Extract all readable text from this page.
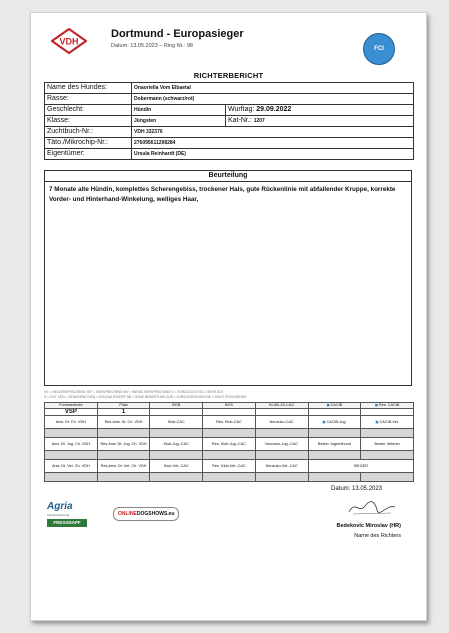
VDH
Dortmund - Europasieger
Datum: 13.05.2023 – Ring Nr.: 98	FCI
RICHTERBERICHT
Name des Hundes:	Onaoriella Vom Elbaetal	
Rasse:	Dobermann (schwarz/rot)	
Geschlecht:	Hündin	Wurftag: 29.09.2022
Klasse:	Jüngsten	Kat-Nr.: 1207
Zuchtbuch-Nr.:	VDH 332376	
Täto./Mikrochip-Nr.:	276095611298284	
Eigentümer:	Ursula Reinhardt (DE)	
Beurteilung
7 Monate alte Hündin, komplettes Scherengebiss, trockener Hals, gute Rückenlinie mit abfallender Kruppe, korrekte Vorder- und Hinterhand-Winkelung, welliges Haar,
VV = VIELVERSPRECHEND VSP = VERSPRECHEND WV = WENIG VERSPRECHEND V = VORZÜGLICH SG = SEHR GUT
G = GUT GEN = GENÜGEND DISQ = DISQUALIFIZIERT NB = OHNE BEWERTUNG ZUR = ZURÜCKGEZOGEN NE = NICHT ERSCHIENEN
Formwertnote	Platz	BOB	BOS	KLUB-JG-CAC	◼ CACIB	◼ Res. CACIB
VSP	1					
Anw. Dt. Ch. VDH	Res.Anw. Dt. Ch. VDH	Klub-CAC	Res. Klub-CAC	Neuzuko-CAC	◼ CACIB-Jug.	◼ CACIB-Vet.

Anw. Dt. Jug. Ch. VDH	Res.Anw. Dt. Jug. Ch. VDH	Klub-Jug.-CAC	Res. Klub-Jug.-CAC	Neuzuko-Jug.-CAC	Bester Jugendhund	Bester Veteran

Anw. Dt. Vet. Ch. VDH	Res.Anw. Dt. Vet. Ch. VDH	Klub-Vet.-CAC	Res. Klub-Vet.-CAC	Neuzuko-Vet.-CAC	SIEGER	

Datum: 13.05.2023
Agria
Tierversicherung
FRESSNAPF
ONLINEDOGSHOWS.eu
Bedekovic Miroslav (HR)
Name des Richters
